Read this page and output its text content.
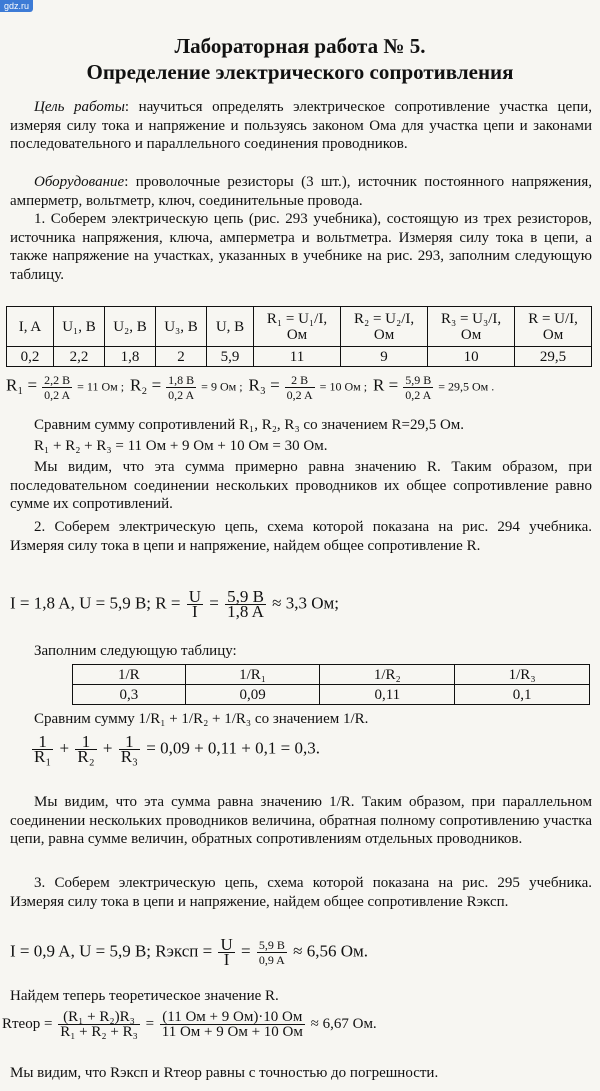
gdz.ru
Лабораторная работа № 5.
Определение электрического сопротивления
Цель работы: научиться определять электрическое сопротивление участка цепи, измеряя силу тока и напряжение и пользуясь законом Ома для участка цепи и законами последовательного и параллельного соединения проводников.
Оборудование: проволочные резисторы (3 шт.), источник постоянного напряжения, амперметр, вольтметр, ключ, соединительные провода.
1. Соберем электрическую цепь (рис. 293 учебника), состоящую из трех резисторов, источника напряжения, ключа, амперметра и вольтметра. Измеряя силу тока в цепи, а также напряжение на участках, указанных в учебнике на рис. 293, заполним следующую таблицу.
I, A	U₁, B	U₂, B	U₃, B	U, B	R₁ = U₁/I, Ом	R₂ = U₂/I, Ом	R₃ = U₃/I, Ом	R = U/I, Ом
0,2	2,2	1,8	2	5,9	11	9	10	29,5
$R_1 = \frac{2,2 B}{0,2 A} = 11$ Ом ; $R_2 = \frac{1,8 B}{0,2 A} = 9$ Ом ; $R_3 = \frac{2 B}{0,2 A} = 10$ Ом ; $R = \frac{5,9 B}{0,2 A} = 29,5$ Ом .
Сравним сумму сопротивлений R₁, R₂, R₃ со значением R=29,5 Ом.
R₁ + R₂ + R₃ = 11 Ом + 9 Ом + 10 Ом = 30 Ом.
Мы видим, что эта сумма примерно равна значению R. Таким образом, при последовательном соединении нескольких проводников их общее сопротивление равно сумме их сопротивлений.
2. Соберем электрическую цепь, схема которой показана на рис. 294 учебника. Измеряя силу тока в цепи и напряжение, найдем общее сопротивление R.
I = 1,8 A, U = 5,9 B; $R = \frac{U}{I} = \frac{5,9 B}{1,8 A} \approx 3,3$ Ом;
Заполним следующую таблицу:
1/R	1/R₁	1/R₂	1/R₃
0,3	0,09	0,11	0,1
Сравним сумму 1/R₁ + 1/R₂ + 1/R₃ со значением 1/R.
$\frac{1}{\text{R₁}} + \frac{1}{\text{R₂}} + \frac{1}{\text{R₃}} = 0,09 + 0,11 + 0,1 = 0,3$.
Мы видим, что эта сумма равна значению 1/R. Таким образом, при параллельном соединении нескольких проводников величина, обратная полному сопротивлению участка цепи, равна сумме величин, обратных сопротивлениям отдельных проводников.
3. Соберем электрическую цепь, схема которой показана на рис. 295 учебника. Измеряя силу тока в цепи и напряжение, найдем общее сопротивление Rэксп.
I = 0,9 A, U = 5,9 B; Rэксп = $\frac{U}{I} = \frac{5,9 B}{0,9 A} \approx 6,56$ Ом.
Найдем теперь теоретическое значение R.
Rтеор = $\frac{\text{(R₁ + R₂)R₃}}{\text{R₁ + R₂ + R₃}} = \frac{(11 Ом + 9 Ом)\cdot 10 Ом}{11 Ом + 9 Ом + 10 Ом} \approx 6,67$ Ом.
Мы видим, что Rэксп и Rтеор равны с точностью до погрешности.
